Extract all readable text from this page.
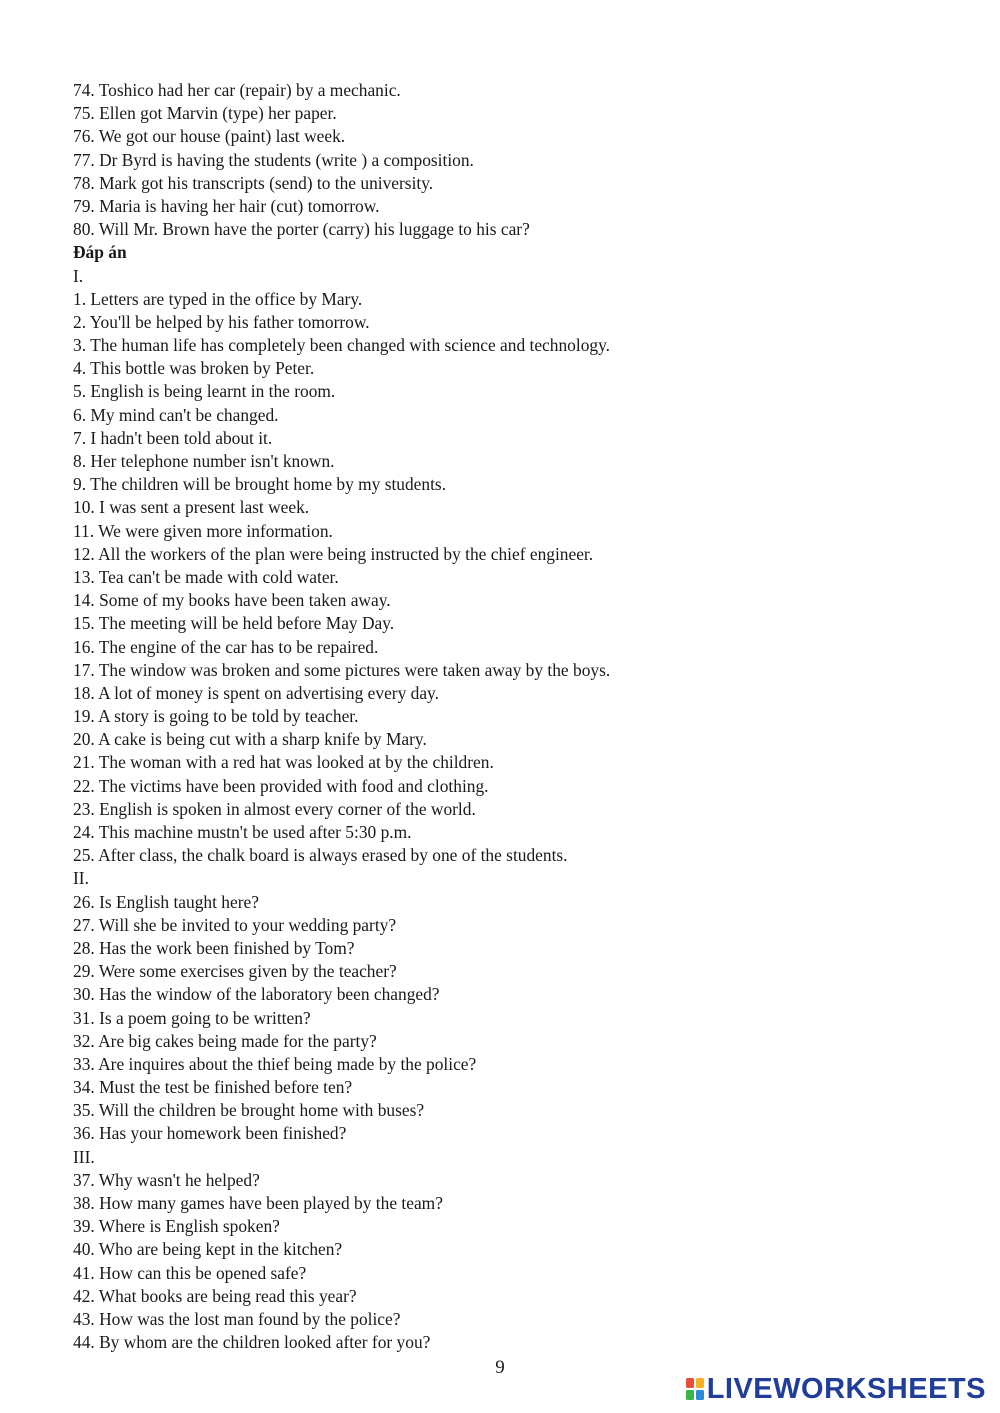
74. Toshico had her car (repair) by a mechanic.
75. Ellen got Marvin (type) her paper.
76. We got our house (paint) last week.
77. Dr Byrd is having the students (write ) a composition.
78. Mark got his transcripts (send) to the university.
79. Maria is having her hair (cut) tomorrow.
80. Will Mr. Brown have the porter (carry) his luggage to his car?
Đáp án
I.
1. Letters are typed in the office by Mary.
2. You'll be helped by his father tomorrow.
3. The human life has completely been changed with science and technology.
4. This bottle was broken by Peter.
5. English is being learnt in the room.
6. My mind can't be changed.
7. I hadn't been told about it.
8. Her telephone number isn't known.
9. The children will be brought home by my students.
10. I was sent a present last week.
11. We were given more information.
12. All the workers of the plan were being instructed by the chief engineer.
13. Tea can't be made with cold water.
14. Some of my books have been taken away.
15. The meeting will be held before May Day.
16. The engine of the car has to be repaired.
17. The window was broken and some pictures were taken away by the boys.
18. A lot of money is spent on advertising every day.
19. A story is going to be told by teacher.
20. A cake is being cut with a sharp knife by Mary.
21. The woman with a red hat was looked at by the children.
22. The victims have been provided with food and clothing.
23. English is spoken in almost every corner of the world.
24. This machine mustn't be used after 5:30 p.m.
25. After class, the chalk board is always erased by one of the students.
II.
26. Is English taught here?
27. Will she be invited to your wedding party?
28. Has the work been finished by Tom?
29. Were some exercises given by the teacher?
30. Has the window of the laboratory been changed?
31. Is a poem going to be written?
32. Are big cakes being made for the party?
33. Are inquires about the thief being made by the police?
34. Must the test be finished before ten?
35. Will the children be brought home with buses?
36. Has your homework been finished?
III.
37. Why wasn't he helped?
38. How many games have been played by the team?
39. Where is English spoken?
40. Who are being kept in the kitchen?
41. How can this be opened safe?
42. What books are being read this year?
43. How was the lost man found by the police?
44. By whom are the children looked after for you?
9
LIVEWORKSHEETS
